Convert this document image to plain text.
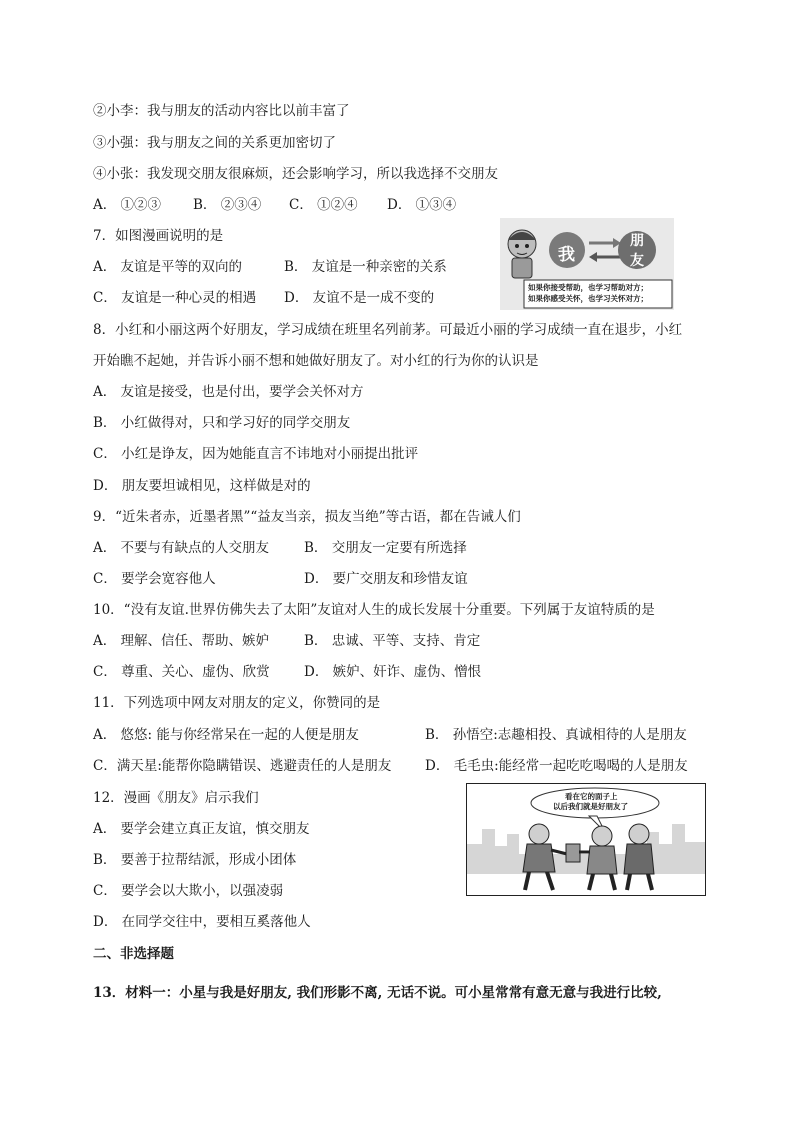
②小李：我与朋友的活动内容比以前丰富了
③小强：我与朋友之间的关系更加密切了
④小张：我发现交朋友很麻烦，还会影响学习，所以我选择不交朋友
A． ①②③ B． ②③④ C． ①②④ D． ①③④
7．如图漫画说明的是
A． 友谊是平等的双向的	B． 友谊是一种亲密的关系
C． 友谊是一种心灵的相遇 D． 友谊不是一成不变的
我
朋
友
如果你接受帮助，也学习帮助对方；
如果你感受关怀，也学习关怀对方；
8．小红和小丽这两个好朋友，学习成绩在班里名列前茅。可最近小丽的学习成绩一直在退步，小红
开始瞧不起她，并告诉小丽不想和她做好朋友了。对小红的行为你的认识是
A． 友谊是接受，也是付出，要学会关怀对方
B． 小红做得对，只和学习好的同学交朋友
C． 小红是诤友，因为她能直言不讳地对小丽提出批评
D． 朋友要坦诚相见，这样做是对的
9．“近朱者赤，近墨者黑”“益友当亲，损友当绝”等古语，都在告诫人们
A． 不要与有缺点的人交朋友	B． 交朋友一定要有所选择
C． 要学会宽容他人	D． 要广交朋友和珍惜友谊
10．“没有友谊.世界仿佛失去了太阳”友谊对人生的成长发展十分重要。下列属于友谊特质的是
A． 理解、信任、帮助、嫉妒	B． 忠诚、平等、支持、肯定
C． 尊重、关心、虚伪、欣赏	D． 嫉妒、奸诈、虚伪、憎恨
11．下列选项中网友对朋友的定义，你赞同的是
A． 悠悠: 能与你经常呆在一起的人便是朋友	B． 孙悟空:志趣相投、真诚相待的人是朋友
C．满天星:能帮你隐瞒错误、逃避责任的人是朋友 D． 毛毛虫:能经常一起吃吃喝喝的人是朋友
12．漫画《朋友》启示我们
A． 要学会建立真正友谊，慎交朋友
B． 要善于拉帮结派，形成小团体
C． 要学会以大欺小，以强凌弱
D． 在同学交往中，要相互奚落他人
看在它的面子上
以后我们就是好朋友了
二、非选择题
13．材料一：小星与我是好朋友, 我们形影不离, 无话不说。可小星常常有意无意与我进行比较,
